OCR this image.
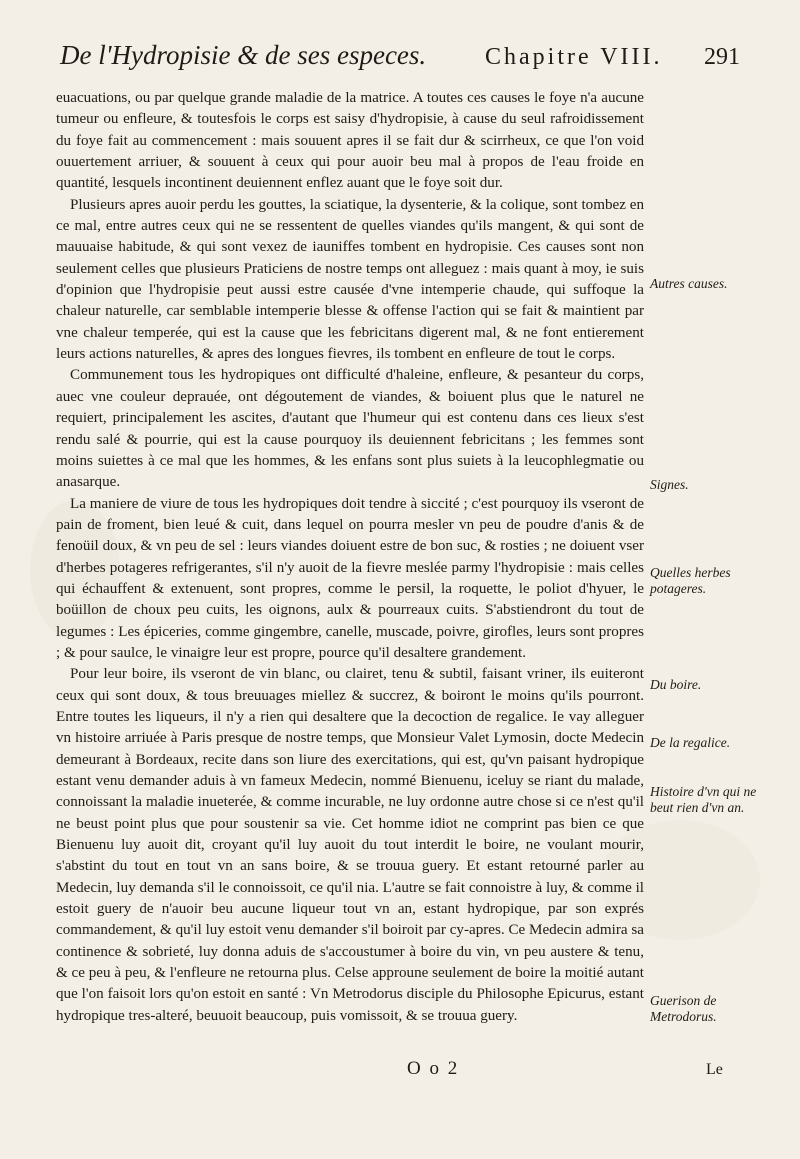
De l'Hydropisie & de ses especes. Chapitre VIII. 291

euacuations, ou par quelque grande maladie de la matrice. A toutes ces causes le foye n'a aucune tumeur ou enfleure, & toutesfois le corps est saisy d'hydropisie, à cause du seul rafroidissement du foye fait au commencement : mais souuent apres il se fait dur & scirrheux, ce que l'on void ouuertement arriuer, & souuent à ceux qui pour auoir beu mal à propos de l'eau froide en quantité, lesquels incontinent deuiennent enflez auant que le foye soit dur.

Plusieurs apres auoir perdu les gouttes, la sciatique, la dysenterie, & la colique, sont tombez en ce mal, entre autres ceux qui ne se ressentent de quelles viandes qu'ils mangent, & qui sont de mauuaise habitude, & qui sont vexez de iauniffes tombent en hydropisie. Ces causes sont non seulement celles que plusieurs Praticiens de nostre temps ont alleguez : mais quant à moy, ie suis d'opinion que l'hydropisie peut aussi estre causée d'vne intemperie chaude, qui suffoque la chaleur naturelle, car semblable intemperie blesse & offense l'action qui se fait & maintient par vne chaleur temperée, qui est la cause que les febricitans digerent mal, & ne font entierement leurs actions naturelles, & apres des longues fievres, ils tombent en enfleure de tout le corps.

Communement tous les hydropiques ont difficulté d'haleine, enfleure, & pesanteur du corps, auec vne couleur deprauée, ont dégoutement de viandes, & boiuent plus que le naturel ne requiert, principalement les ascites, d'autant que l'humeur qui est contenu dans ces lieux s'est rendu salé & pourrie, qui est la cause pourquoy ils deuiennent febricitans ; les femmes sont moins suiettes à ce mal que les hommes, & les enfans sont plus suiets à la leucophlegmatie ou anasarque.

La maniere de viure de tous les hydropiques doit tendre à siccité ; c'est pourquoy ils vseront de pain de froment, bien leué & cuit, dans lequel on pourra mesler vn peu de poudre d'anis & de fenoüil doux, & vn peu de sel : leurs viandes doiuent estre de bon suc, & rosties ; ne doiuent vser d'herbes potageres refrigerantes, s'il n'y auoit de la fievre meslée parmy l'hydropisie : mais celles qui échauffent & extenuent, sont propres, comme le persil, la roquette, le poliot d'hyuer, le boüillon de choux peu cuits, les oignons, aulx & pourreaux cuits. S'abstiendront du tout de legumes : Les épiceries, comme gingembre, canelle, muscade, poivre, girofles, leurs sont propres ; & pour saulce, le vinaigre leur est propre, pource qu'il desaltere grandement.

Pour leur boire, ils vseront de vin blanc, ou clairet, tenu & subtil, faisant vriner, ils euiteront ceux qui sont doux, & tous breuuages miellez & succrez, & boiront le moins qu'ils pourront. Entre toutes les liqueurs, il n'y a rien qui desaltere que la decoction de regalice. Ie vay alleguer vn histoire arriuée à Paris presque de nostre temps, que Monsieur Valet Lymosin, docte Medecin demeurant à Bordeaux, recite dans son liure des exercitations, qui est, qu'vn paisant hydropique estant venu demander aduis à vn fameux Medecin, nommé Bienuenu, iceluy se riant du malade, connoissant la maladie inueterée, & comme incurable, ne luy ordonne autre chose si ce n'est qu'il ne beust point plus que pour soustenir sa vie. Cet homme idiot ne comprint pas bien ce que Bienuenu luy auoit dit, croyant qu'il luy auoit du tout interdit le boire, ne voulant mourir, s'abstint du tout en tout vn an sans boire, & se trouua guery. Et estant retourné parler au Medecin, luy demanda s'il le connoissoit, ce qu'il nia. L'autre se fait connoistre à luy, & comme il estoit guery de n'auoir beu aucune liqueur tout vn an, estant hydropique, par son exprés commandement, & qu'il luy estoit venu demander s'il boiroit par cy-apres. Ce Medecin admira sa continence & sobrieté, luy donna aduis de s'accoustumer à boire du vin, vn peu austere & tenu, & ce peu à peu, & l'enfleure ne retourna plus. Celse approune seulement de boire la moitié autant que l'on faisoit lors qu'on estoit en santé : Vn Metrodorus disciple du Philosophe Epicurus, estant hydropique tres-alteré, beuuoit beaucoup, puis vomissoit, & se trouua guery.

Autres causes.
Signes.
Quelles herbes potageres.
Du boire.
De la regalice.
Histoire d'vn qui ne beut rien d'vn an.
Guerison de Metrodorus.
O o 2	Le
